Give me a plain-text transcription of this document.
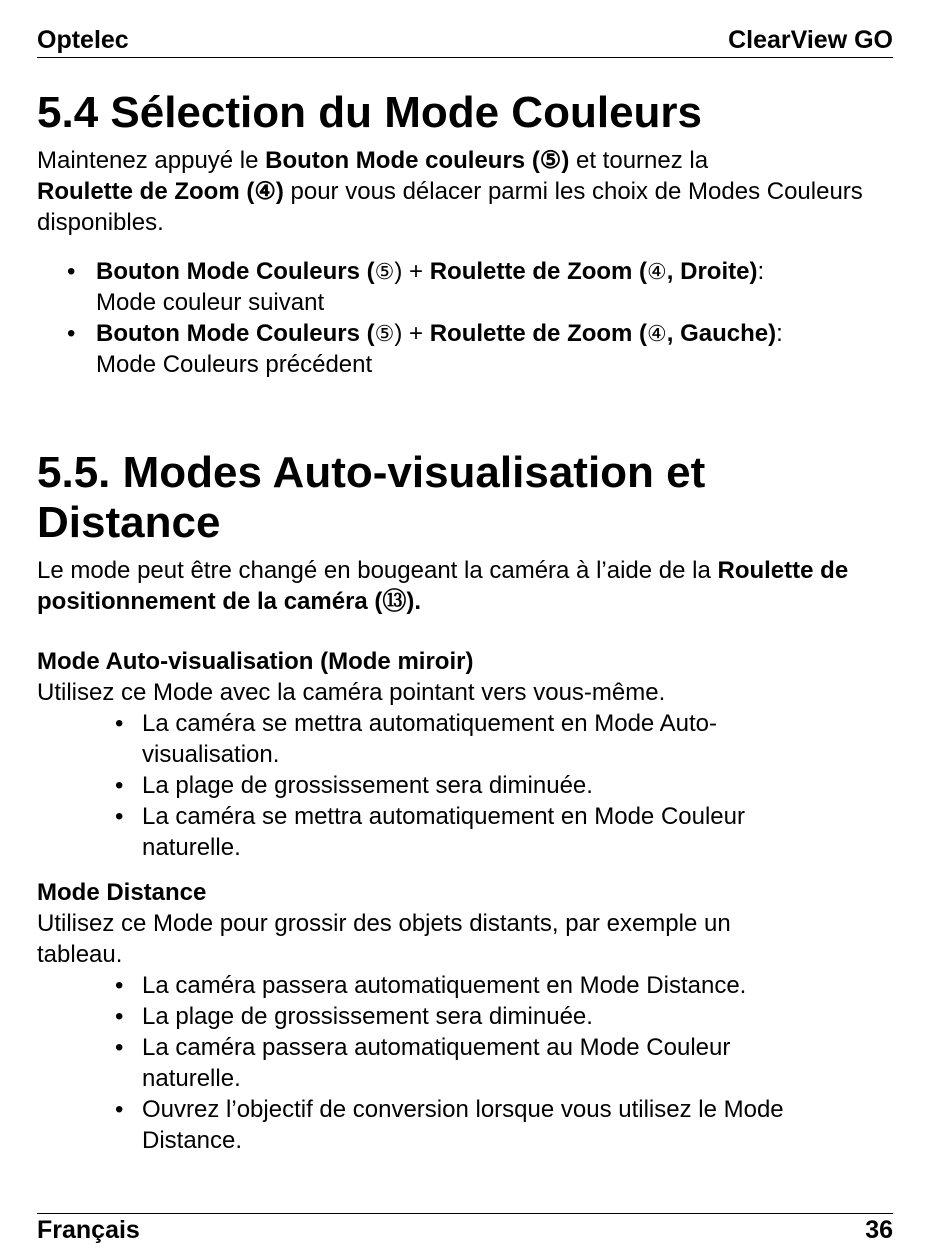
Optelec	ClearView GO
5.4 Sélection du Mode Couleurs

Maintenez appuyé le Bouton Mode couleurs (⑤) et tournez la
Roulette de Zoom (④) pour vous délacer parmi les choix de Modes Couleurs disponibles.

• Bouton Mode Couleurs (⑤) + Roulette de Zoom (④, Droite):
Mode couleur suivant
• Bouton Mode Couleurs (⑤) + Roulette de Zoom (④, Gauche):
Mode Couleurs précédent
5.5. Modes Auto-visualisation et Distance

Le mode peut être changé en bougeant la caméra à l’aide de la Roulette de positionnement de la caméra (⑬).

Mode Auto-visualisation (Mode miroir)

Utilisez ce Mode avec la caméra pointant vers vous-même.

• La caméra se mettra automatiquement en Mode Auto-visualisation.
• La plage de grossissement sera diminuée.
• La caméra se mettra automatiquement en Mode Couleur naturelle.

Mode Distance

Utilisez ce Mode pour grossir des objets distants, par exemple un tableau.

• La caméra passera automatiquement en Mode Distance.
• La plage de grossissement sera diminuée.
• La caméra passera automatiquement au Mode Couleur naturelle.
• Ouvrez l’objectif de conversion lorsque vous utilisez le Mode Distance.
Français	36
